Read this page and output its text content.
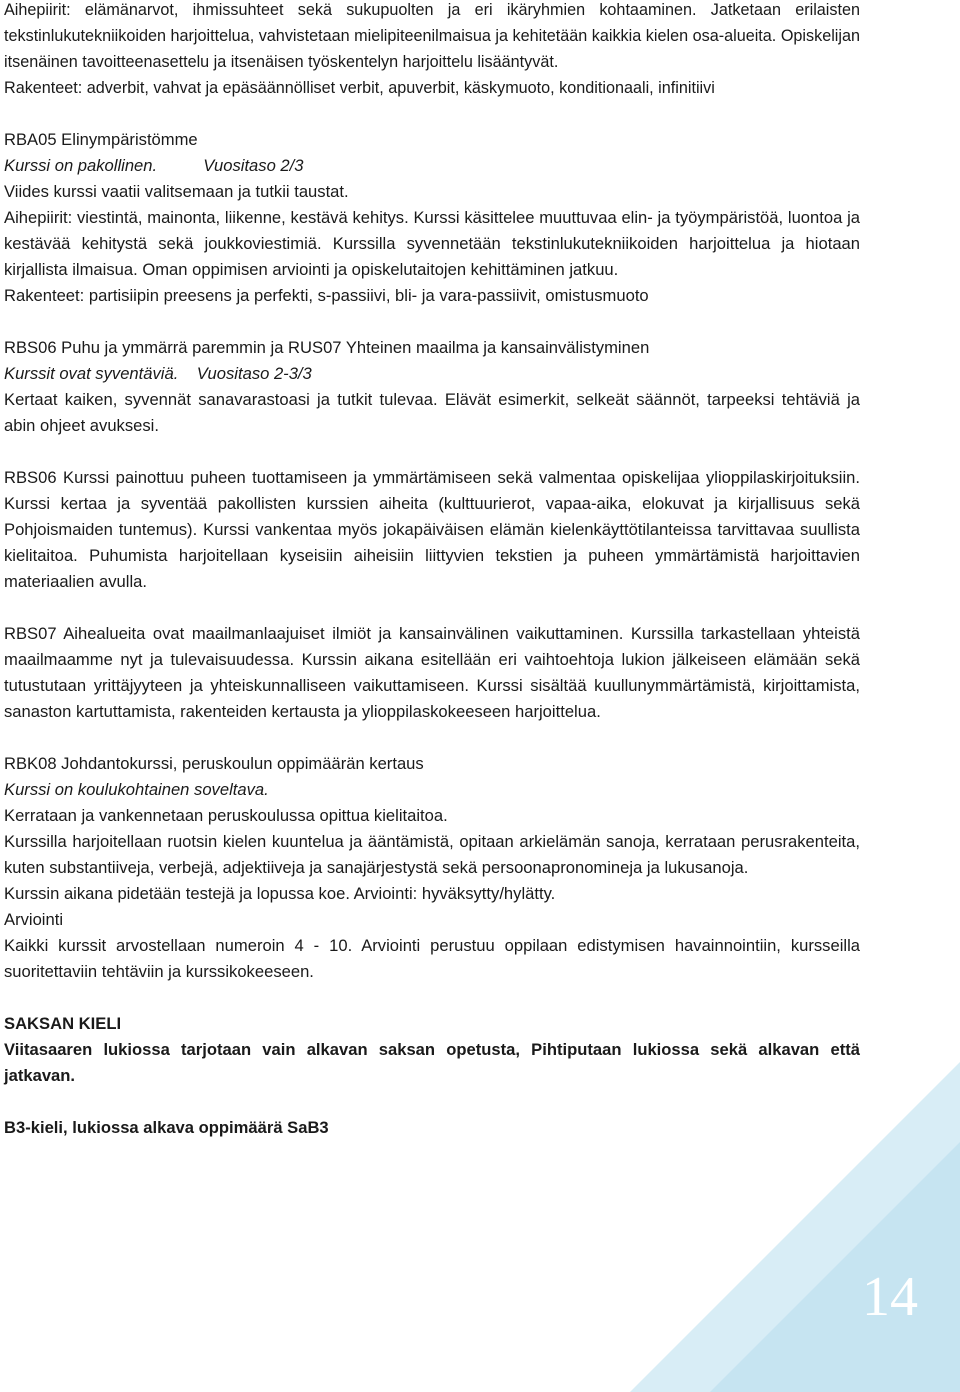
14

Aihepiirit: elämänarvot, ihmissuhteet sekä sukupuolten ja eri ikäryhmien kohtaaminen. Jatketaan erilaisten tekstinlukutekniikoiden harjoittelua, vahvistetaan mielipiteenilmaisua ja kehitetään kaikkia kielen osa-alueita. Opiskelijan itsenäinen tavoitteenasettelu ja itsenäisen työskentelyn harjoittelu lisääntyvät.

Rakenteet: adverbit, vahvat ja epäsäännölliset verbit, apuverbit, käskymuoto, konditionaali, infinitiivi

RBA05 Elinympäristömme

Kurssi on pakollinen.	Vuositaso 2/3

Viides kurssi vaatii valitsemaan ja tutkii taustat.

Aihepiirit: viestintä, mainonta, liikenne, kestävä kehitys. Kurssi käsittelee muuttuvaa elin- ja työympäristöä, luontoa ja kestävää kehitystä sekä joukkoviestimiä. Kurssilla syvennetään tekstinlukutekniikoiden harjoittelua ja hiotaan kirjallista ilmaisua. Oman oppimisen arviointi ja opiskelutaitojen kehittäminen jatkuu.

Rakenteet: partisiipin preesens ja perfekti, s-passiivi, bli- ja vara-passiivit, omistusmuoto

RBS06 Puhu ja ymmärrä paremmin ja RUS07 Yhteinen maailma ja kansainvälistyminen

Kurssit ovat syventäviä. Vuositaso 2-3/3

Kertaat kaiken, syvennät sanavarastoasi ja tutkit tulevaa. Elävät esimerkit, selkeät säännöt, tarpeeksi tehtäviä ja abin ohjeet avuksesi.

RBS06 Kurssi painottuu puheen tuottamiseen ja ymmärtämiseen sekä valmentaa opiskelijaa ylioppilaskirjoituksiin. Kurssi kertaa ja syventää pakollisten kurssien aiheita (kulttuurierot, vapaa-aika, elokuvat ja kirjallisuus sekä Pohjoismaiden tuntemus). Kurssi vankentaa myös jokapäiväisen elämän kielenkäyttötilanteissa tarvittavaa suullista kielitaitoa. Puhumista harjoitellaan kyseisiin aiheisiin liittyvien tekstien ja puheen ymmärtämistä harjoittavien materiaalien avulla.

RBS07 Aihealueita ovat maailmanlaajuiset ilmiöt ja kansainvälinen vaikuttaminen. Kurssilla tarkastellaan yhteistä maailmaamme nyt ja tulevaisuudessa. Kurssin aikana esitellään eri vaihtoehtoja lukion jälkeiseen elämään sekä tutustutaan yrittäjyyteen ja yhteiskunnalliseen vaikuttamiseen. Kurssi sisältää kuullunymmärtämistä, kirjoittamista, sanaston kartuttamista, rakenteiden kertausta ja ylioppilaskokeeseen harjoittelua.

RBK08 Johdantokurssi, peruskoulun oppimäärän kertaus

Kurssi on koulukohtainen soveltava.

Kerrataan ja vankennetaan peruskoulussa opittua kielitaitoa.

Kurssilla harjoitellaan ruotsin kielen kuuntelua ja ääntämistä, opitaan arkielämän sanoja, kerrataan perusrakenteita, kuten substantiiveja, verbejä, adjektiiveja ja sanajärjestystä sekä persoonapronomineja ja lukusanoja.

Kurssin aikana pidetään testejä ja lopussa koe. Arviointi: hyväksytty/hylätty.

Arviointi

Kaikki kurssit arvostellaan numeroin 4 - 10. Arviointi perustuu oppilaan edistymisen havainnointiin, kursseilla suoritettaviin tehtäviin ja kurssikokeeseen.

SAKSAN KIELI

Viitasaaren lukiossa tarjotaan vain alkavan saksan opetusta, Pihtiputaan lukiossa sekä alkavan että jatkavan.

B3-kieli, lukiossa alkava oppimäärä SaB3
